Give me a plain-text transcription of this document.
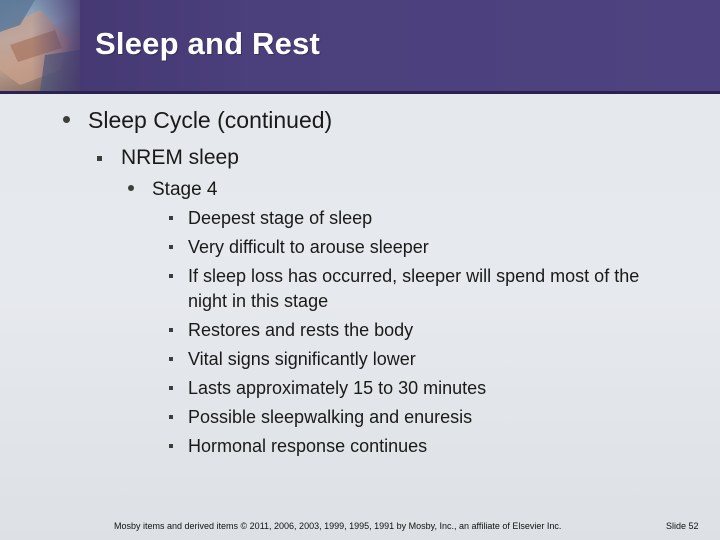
Sleep and Rest

Sleep Cycle (continued)

NREM sleep

Stage 4

Deepest stage of sleep

Very difficult to arouse sleeper

If sleep loss has occurred, sleeper will spend most of the

night in this stage

Restores and rests the body

Vital signs significantly lower

Lasts approximately 15 to 30 minutes

Possible sleepwalking and enuresis

Hormonal response continues

Mosby items and derived items © 2011, 2006, 2003, 1999, 1995, 1991 by Mosby, Inc., an affiliate of Elsevier Inc.	Slide 52
